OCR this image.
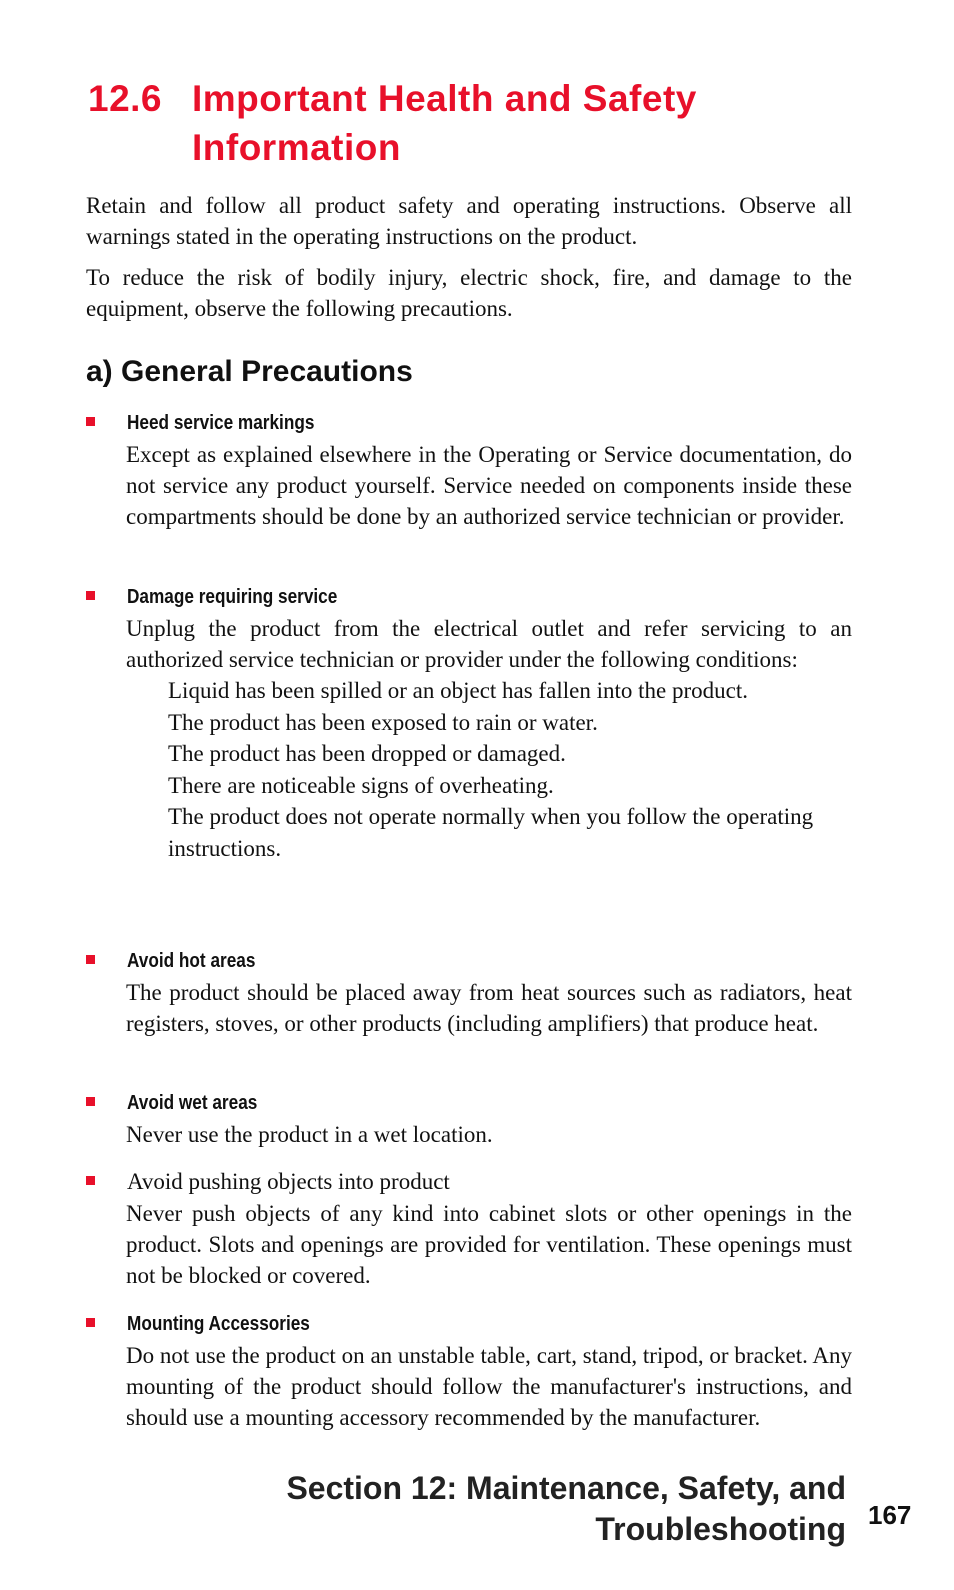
12.6 Important Health and Safety
Information

Retain and follow all product safety and operating instructions. Observe all warnings stated in the operating instructions on the product.

To reduce the risk of bodily injury, electric shock, fire, and damage to the equipment, observe the following precautions.

a) General Precautions
Heed service markings
Except as explained elsewhere in the Operating or Service documentation, do not service any product yourself. Service needed on components inside these compartments should be done by an authorized service technician or provider.
Damage requiring service
Unplug the product from the electrical outlet and refer servicing to an authorized service technician or provider under the following conditions:
Liquid has been spilled or an object has fallen into the product.
The product has been exposed to rain or water.
The product has been dropped or damaged.
There are noticeable signs of overheating.
The product does not operate normally when you follow the operating instructions.
Avoid hot areas
The product should be placed away from heat sources such as radiators, heat registers, stoves, or other products (including amplifiers) that produce heat.
Avoid wet areas
Never use the product in a wet location.
Avoid pushing objects into product
Never push objects of any kind into cabinet slots or other openings in the product. Slots and openings are provided for ventilation. These openings must not be blocked or covered.
Mounting Accessories
Do not use the product on an unstable table, cart, stand, tripod, or bracket. Any mounting of the product should follow the manufacturer's instructions, and should use a mounting accessory recommended by the manufacturer.
Section 12: Maintenance, Safety, and
Troubleshooting 167
